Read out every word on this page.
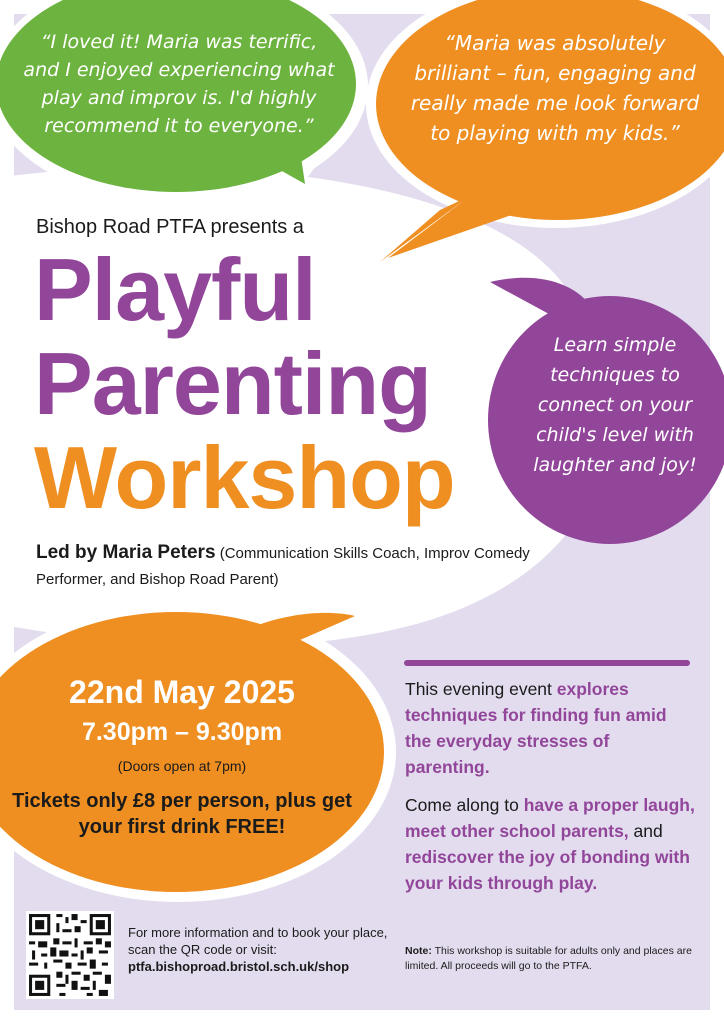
“I loved it! Maria was terrific, and I enjoyed experiencing what play and improv is. I'd highly recommend it to everyone.”
“Maria was absolutely brilliant – fun, engaging and really made me look forward to playing with my kids.”
Learn simple techniques to connect on your child's level with laughter and joy!
Bishop Road PTFA presents a
Playful
Parenting
Workshop
Led by Maria Peters (Communication Skills Coach, Improv Comedy Performer, and Bishop Road Parent)
22nd May 2025
7.30pm – 9.30pm
(Doors open at 7pm)
Tickets only £8 per person, plus get your first drink FREE!
This evening event explores techniques for finding fun amid the everyday stresses of parenting.
Come along to have a proper laugh, meet other school parents, and rediscover the joy of bonding with your kids through play.
Note: This workshop is suitable for adults only and places are limited. All proceeds will go to the PTFA.
For more information and to book your place, scan the QR code or visit:
ptfa.bishoproad.bristol.sch.uk/shop
